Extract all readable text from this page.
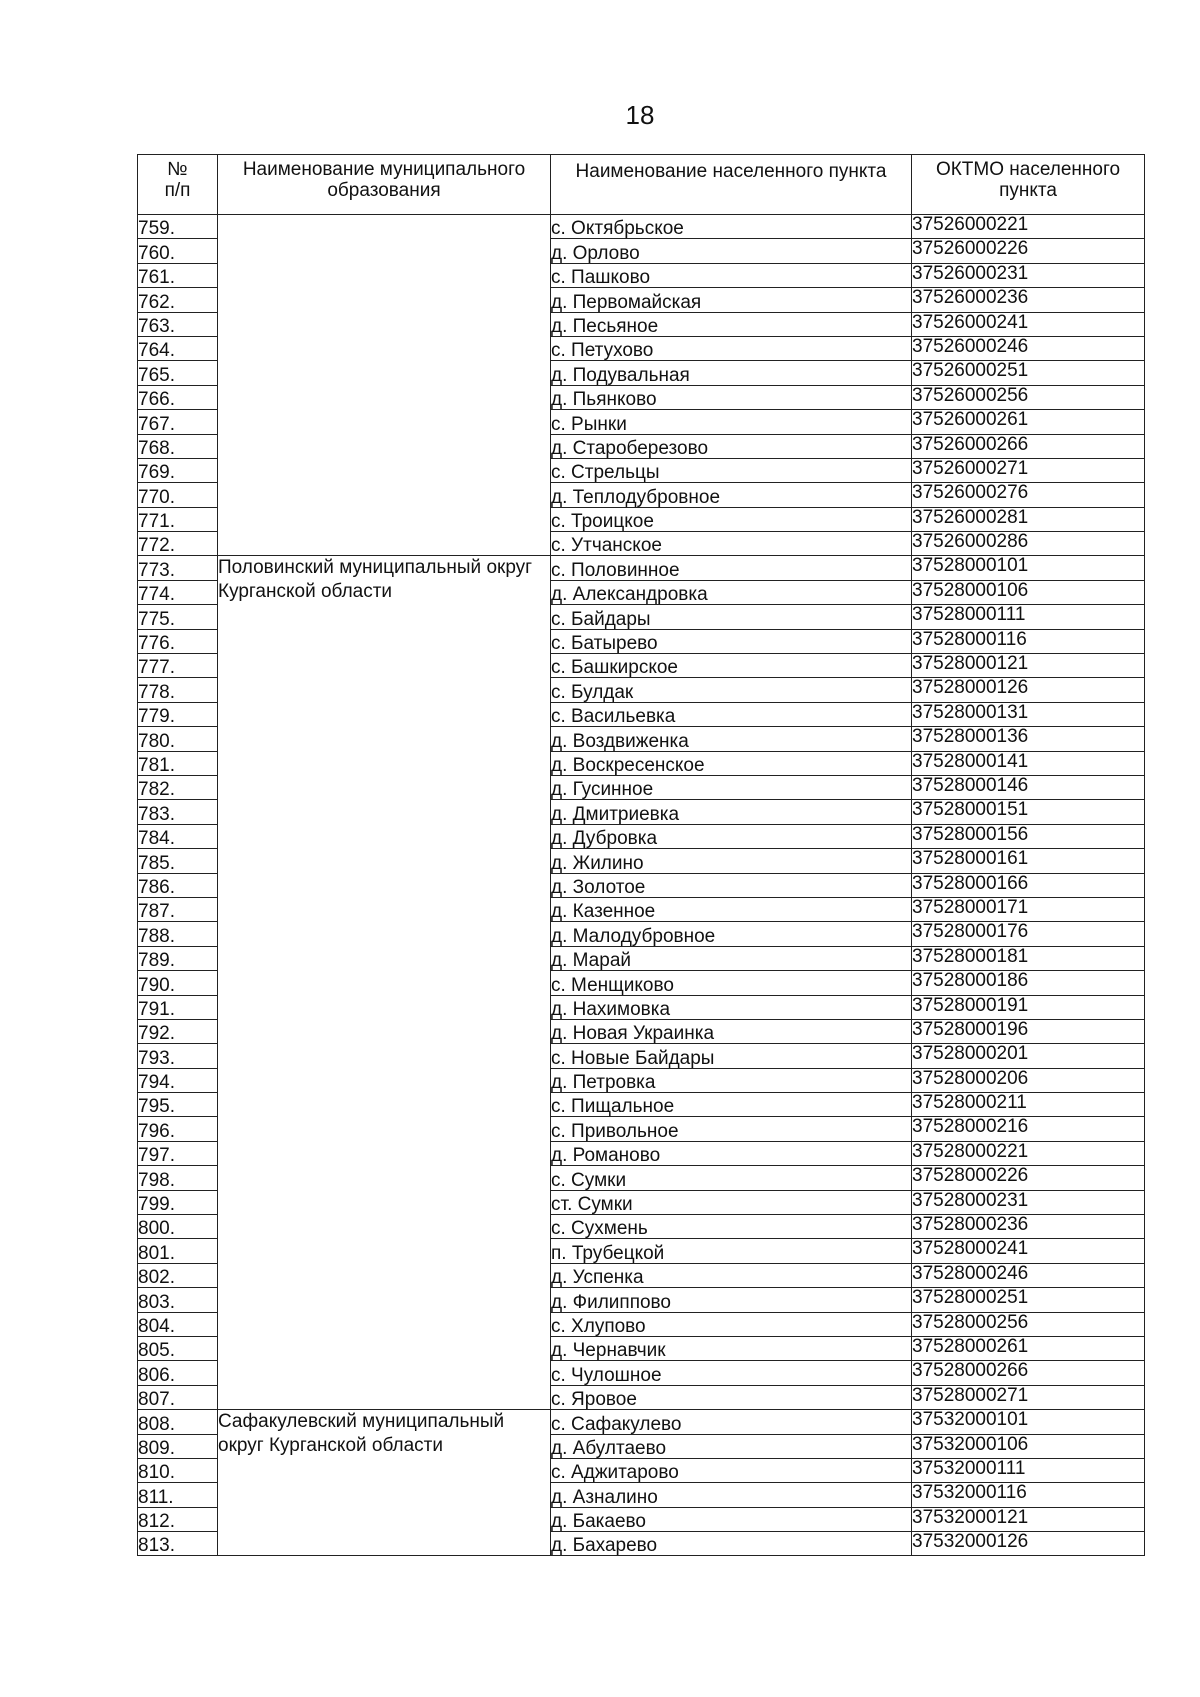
18
№
п/п	Наименование муниципального образования	Наименование населенного пункта	ОКТМО населенного пункта
759.		с. Октябрьское	37526000221
760.		д. Орлово	37526000226
761.		с. Пашково	37526000231
762.		д. Первомайская	37526000236
763.		д. Песьяное	37526000241
764.		с. Петухово	37526000246
765.		д. Подувальная	37526000251
766.		д. Пьянково	37526000256
767.		с. Рынки	37526000261
768.		д. Староберезово	37526000266
769.		с. Стрельцы	37526000271
770.		д. Теплодубровное	37526000276
771.		с. Троицкое	37526000281
772.		с. Утчанское	37526000286
773.	Половинский муниципальный округ Курганской области	с. Половинное	37528000101
774.		д. Александровка	37528000106
775.		с. Байдары	37528000111
776.		с. Батырево	37528000116
777.		с. Башкирское	37528000121
778.		с. Булдак	37528000126
779.		с. Васильевка	37528000131
780.		д. Воздвиженка	37528000136
781.		д. Воскресенское	37528000141
782.		д. Гусинное	37528000146
783.		д. Дмитриевка	37528000151
784.		д. Дубровка	37528000156
785.		д. Жилино	37528000161
786.		д. Золотое	37528000166
787.		д. Казенное	37528000171
788.		д. Малодубровное	37528000176
789.		д. Марай	37528000181
790.		с. Менщиково	37528000186
791.		д. Нахимовка	37528000191
792.		д. Новая Украинка	37528000196
793.		с. Новые Байдары	37528000201
794.		д. Петровка	37528000206
795.		с. Пищальное	37528000211
796.		с. Привольное	37528000216
797.		д. Романово	37528000221
798.		с. Сумки	37528000226
799.		ст. Сумки	37528000231
800.		с. Сухмень	37528000236
801.		п. Трубецкой	37528000241
802.		д. Успенка	37528000246
803.		д. Филиппово	37528000251
804.		с. Хлупово	37528000256
805.		д. Чернавчик	37528000261
806.		с. Чулошное	37528000266
807.		с. Яровое	37528000271
808.	Сафакулевский муниципальный округ Курганской области	с. Сафакулево	37532000101
809.		д. Абултаево	37532000106
810.		с. Аджитарово	37532000111
811.		д. Азналино	37532000116
812.		д. Бакаево	37532000121
813.		д. Бахарево	37532000126
